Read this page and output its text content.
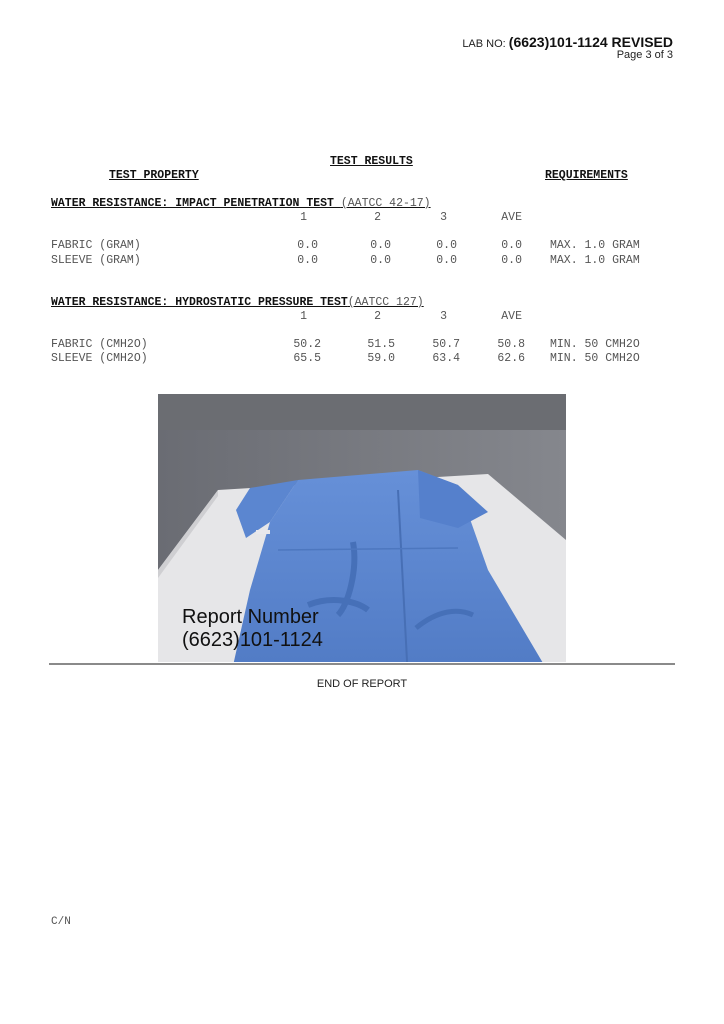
LAB NO: (6623)101-1124 REVISED
Page 3 of 3
TEST RESULTS
TEST PROPERTY	REQUIREMENTS
WATER RESISTANCE: IMPACT PENETRATION TEST (AATCC 42-17)
1	2	3	AVE
FABRIC (GRAM)	0.0	0.0	0.0	0.0 MAX. 1.0 GRAM
SLEEVE (GRAM)	0.0	0.0	0.0	0.0 MAX. 1.0 GRAM
WATER RESISTANCE: HYDROSTATIC PRESSURE TEST(AATCC 127)
1	2	3	AVE
FABRIC (CMH2O)	50.2	51.5	50.7	50.8 MIN. 50 CMH2O
SLEEVE (CMH2O)	65.5	59.0	63.4	62.6 MIN. 50 CMH2O

Report Number
(6623)101-1124

END OF REPORT
C/N
